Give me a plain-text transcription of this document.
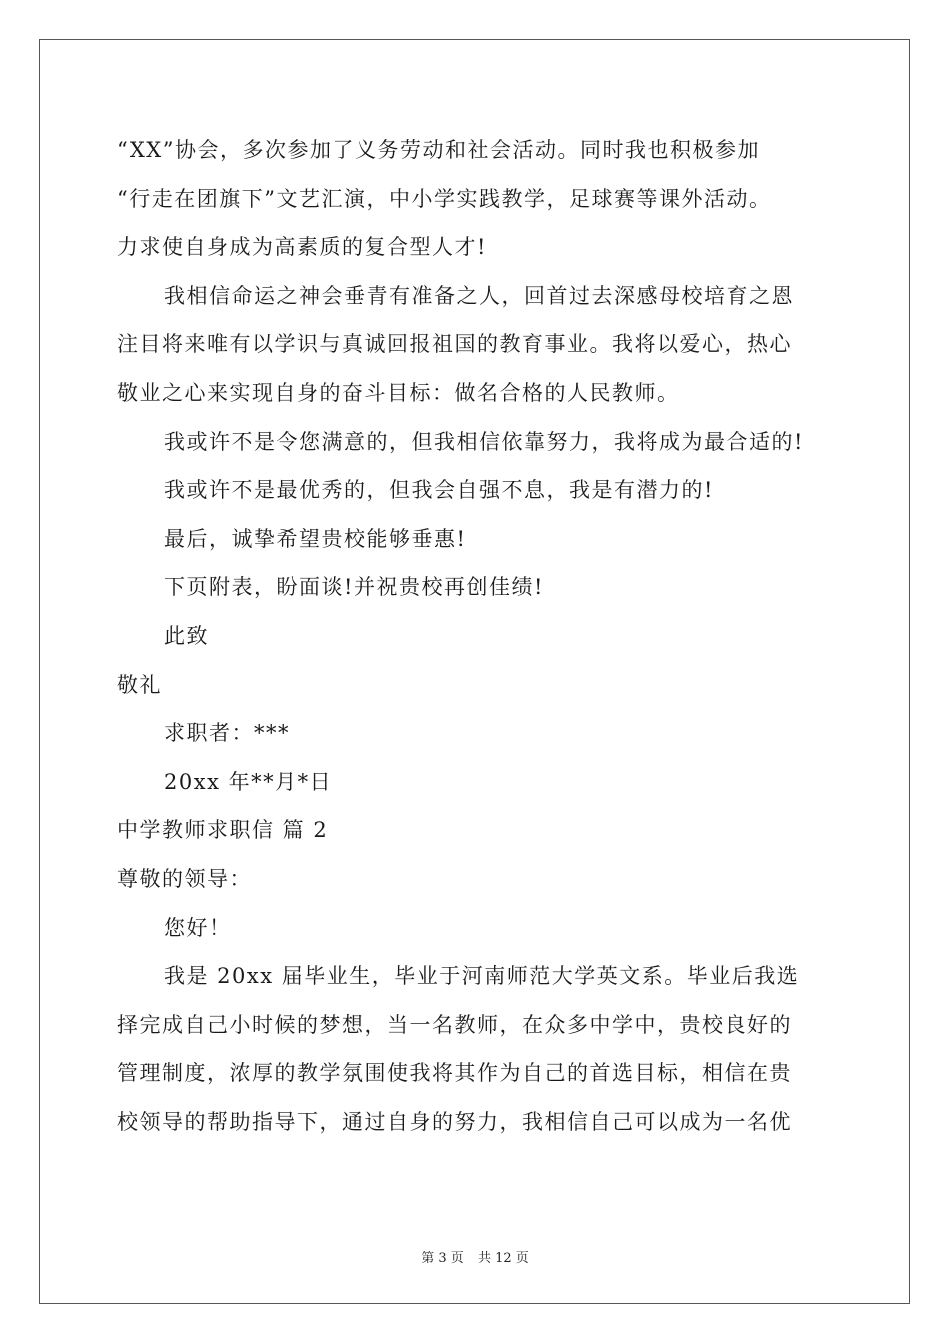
“XX”协会，多次参加了义务劳动和社会活动。同时我也积极参加
“行走在团旗下”文艺汇演，中小学实践教学，足球赛等课外活动。
力求使自身成为高素质的复合型人才!
我相信命运之神会垂青有准备之人，回首过去深感母校培育之恩
注目将来唯有以学识与真诚回报祖国的教育事业。我将以爱心，热心
敬业之心来实现自身的奋斗目标：做名合格的人民教师。
我或许不是令您满意的，但我相信依靠努力，我将成为最合适的!
我或许不是最优秀的，但我会自强不息，我是有潜力的!
最后，诚挚希望贵校能够垂惠!
下页附表，盼面谈!并祝贵校再创佳绩!
此致
敬礼
求职者：***
20xx 年**月*日
中学教师求职信 篇 2
尊敬的领导：
您好！
我是 20xx 届毕业生，毕业于河南师范大学英文系。毕业后我选
择完成自己小时候的梦想，当一名教师，在众多中学中，贵校良好的
管理制度，浓厚的教学氛围使我将其作为自己的首选目标，相信在贵
校领导的帮助指导下，通过自身的努力，我相信自己可以成为一名优
第 3 页 共 12 页
